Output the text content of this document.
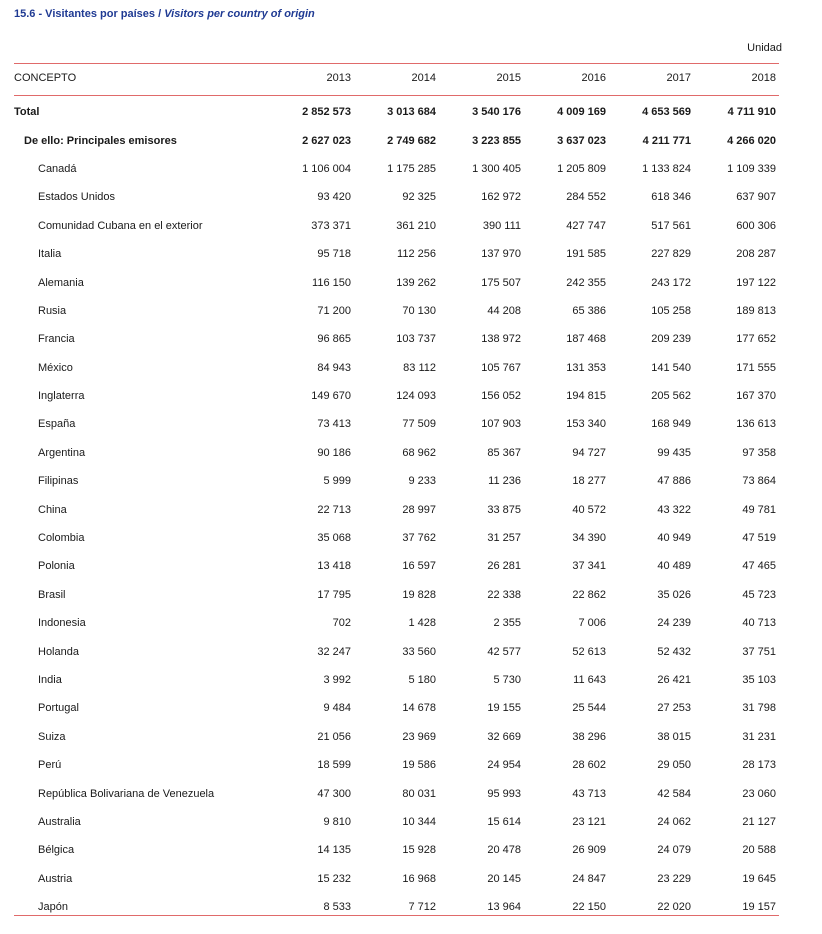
15.6 - Visitantes por países / Visitors per country of origin
Unidad
CONCEPTO	2013	2014	2015	2016	2017	2018

Total	2 852 573	3 013 684	3 540 176	4 009 169	4 653 569	4 711 910
De ello: Principales emisores	2 627 023	2 749 682	3 223 855	3 637 023	4 211 771	4 266 020
Canadá	1 106 004	1 175 285	1 300 405	1 205 809	1 133 824	1 109 339
Estados Unidos	93 420	92 325	162 972	284 552	618 346	637 907
Comunidad Cubana en el exterior	373 371	361 210	390 111	427 747	517 561	600 306
Italia	95 718	112 256	137 970	191 585	227 829	208 287
Alemania	116 150	139 262	175 507	242 355	243 172	197 122
Rusia	71 200	70 130	44 208	65 386	105 258	189 813
Francia	96 865	103 737	138 972	187 468	209 239	177 652
México	84 943	83 112	105 767	131 353	141 540	171 555
Inglaterra	149 670	124 093	156 052	194 815	205 562	167 370
España	73 413	77 509	107 903	153 340	168 949	136 613
Argentina	90 186	68 962	85 367	94 727	99 435	97 358
Filipinas	5 999	9 233	11 236	18 277	47 886	73 864
China	22 713	28 997	33 875	40 572	43 322	49 781
Colombia	35 068	37 762	31 257	34 390	40 949	47 519
Polonia	13 418	16 597	26 281	37 341	40 489	47 465
Brasil	17 795	19 828	22 338	22 862	35 026	45 723
Indonesia	702	1 428	2 355	7 006	24 239	40 713
Holanda	32 247	33 560	42 577	52 613	52 432	37 751
India	3 992	5 180	5 730	11 643	26 421	35 103
Portugal	9 484	14 678	19 155	25 544	27 253	31 798
Suiza	21 056	23 969	32 669	38 296	38 015	31 231
Perú	18 599	19 586	24 954	28 602	29 050	28 173
República Bolivariana de Venezuela	47 300	80 031	95 993	43 713	42 584	23 060
Australia	9 810	10 344	15 614	23 121	24 062	21 127
Bélgica	14 135	15 928	20 478	26 909	24 079	20 588
Austria	15 232	16 968	20 145	24 847	23 229	19 645
Japón	8 533	7 712	13 964	22 150	22 020	19 157
